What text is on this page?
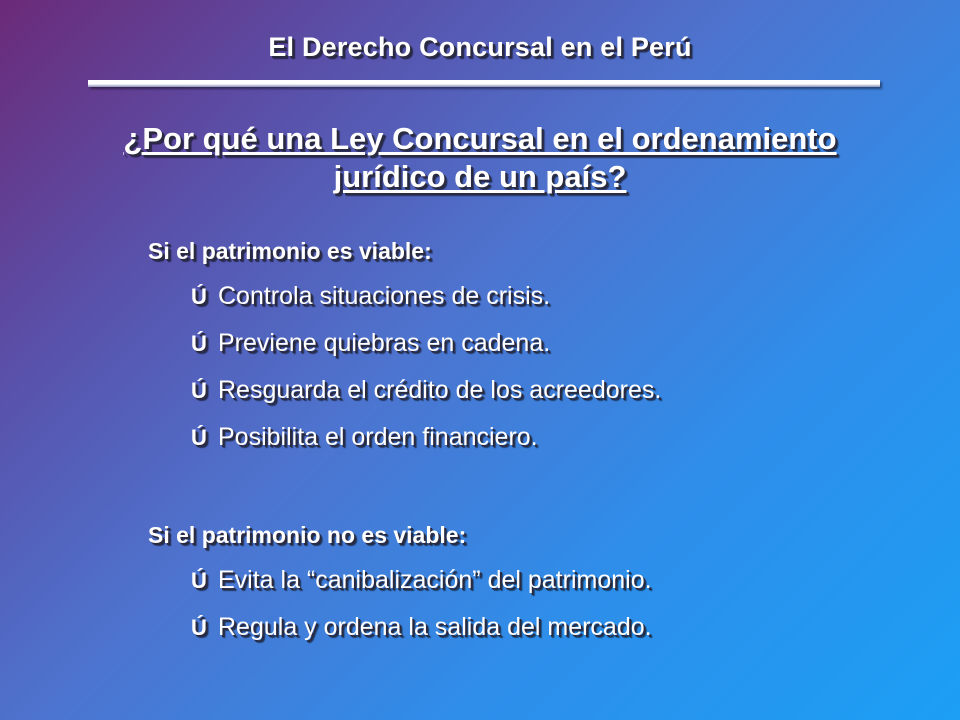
El Derecho Concursal en el Perú
¿Por qué una Ley Concursal en el ordenamiento
jurídico de un país?
Si el patrimonio es viable:
Ú Controla situaciones de crisis.
Ú Previene quiebras en cadena.
Ú Resguarda el crédito de los acreedores.
Ú Posibilita el orden financiero.
Si el patrimonio no es viable:
Ú Evita la “canibalización” del patrimonio.
Ú Regula y ordena la salida del mercado.
